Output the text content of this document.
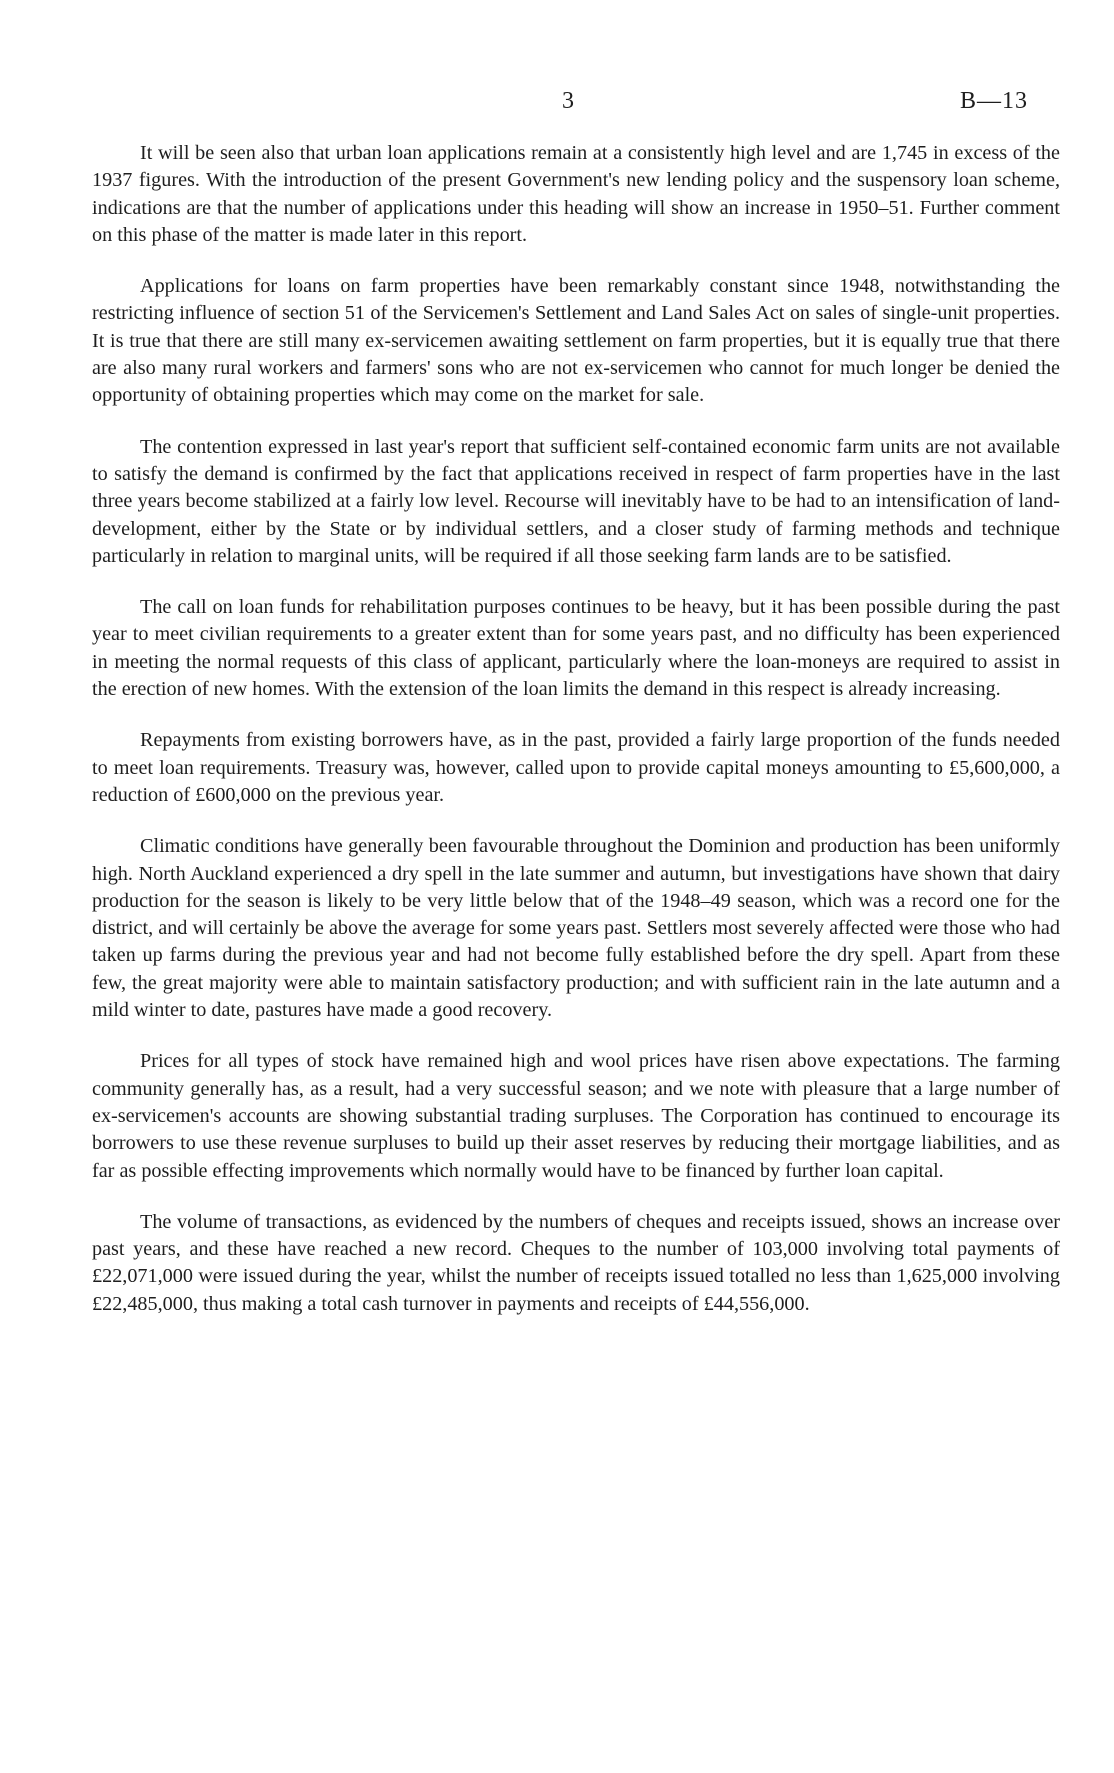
3	B—13

It will be seen also that urban loan applications remain at a consistently high level and are 1,745 in excess of the 1937 figures. With the introduction of the present Government's new lending policy and the suspensory loan scheme, indications are that the number of applications under this heading will show an increase in 1950–51. Further comment on this phase of the matter is made later in this report.

Applications for loans on farm properties have been remarkably constant since 1948, notwithstanding the restricting influence of section 51 of the Servicemen's Settlement and Land Sales Act on sales of single-unit properties. It is true that there are still many ex-servicemen awaiting settlement on farm properties, but it is equally true that there are also many rural workers and farmers' sons who are not ex-servicemen who cannot for much longer be denied the opportunity of obtaining properties which may come on the market for sale.

The contention expressed in last year's report that sufficient self-contained economic farm units are not available to satisfy the demand is confirmed by the fact that applications received in respect of farm properties have in the last three years become stabilized at a fairly low level. Recourse will inevitably have to be had to an intensification of land-development, either by the State or by individual settlers, and a closer study of farming methods and technique particularly in relation to marginal units, will be required if all those seeking farm lands are to be satisfied.

The call on loan funds for rehabilitation purposes continues to be heavy, but it has been possible during the past year to meet civilian requirements to a greater extent than for some years past, and no difficulty has been experienced in meeting the normal requests of this class of applicant, particularly where the loan-moneys are required to assist in the erection of new homes. With the extension of the loan limits the demand in this respect is already increasing.

Repayments from existing borrowers have, as in the past, provided a fairly large proportion of the funds needed to meet loan requirements. Treasury was, however, called upon to provide capital moneys amounting to £5,600,000, a reduction of £600,000 on the previous year.

Climatic conditions have generally been favourable throughout the Dominion and production has been uniformly high. North Auckland experienced a dry spell in the late summer and autumn, but investigations have shown that dairy production for the season is likely to be very little below that of the 1948–49 season, which was a record one for the district, and will certainly be above the average for some years past. Settlers most severely affected were those who had taken up farms during the previous year and had not become fully established before the dry spell. Apart from these few, the great majority were able to maintain satisfactory production; and with sufficient rain in the late autumn and a mild winter to date, pastures have made a good recovery.

Prices for all types of stock have remained high and wool prices have risen above expectations. The farming community generally has, as a result, had a very successful season; and we note with pleasure that a large number of ex-servicemen's accounts are showing substantial trading surpluses. The Corporation has continued to encourage its borrowers to use these revenue surpluses to build up their asset reserves by reducing their mortgage liabilities, and as far as possible effecting improvements which normally would have to be financed by further loan capital.

The volume of transactions, as evidenced by the numbers of cheques and receipts issued, shows an increase over past years, and these have reached a new record. Cheques to the number of 103,000 involving total payments of £22,071,000 were issued during the year, whilst the number of receipts issued totalled no less than 1,625,000 involving £22,485,000, thus making a total cash turnover in payments and receipts of £44,556,000.
